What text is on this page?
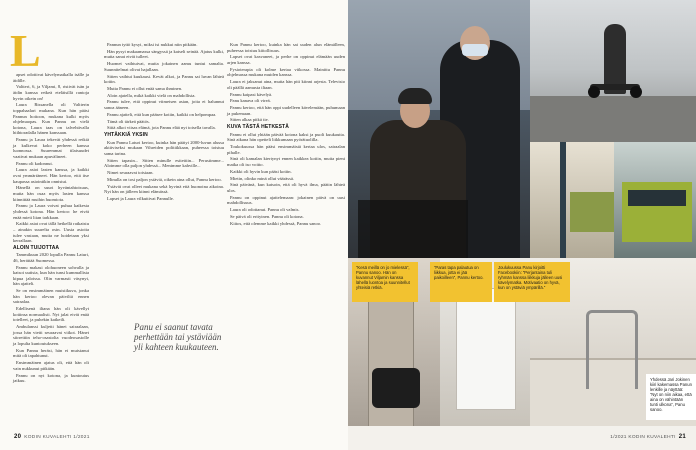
L

apset odottivat kävelymatkalla isälle ja äidille.

Valtteri, 6, ja Viljami, 8, ristivät isän ja äidin kanssa retkeä eteläisillä rantoja hyvin oikein on!

Laura Rissanella oli Valtterin toppahaalari mukana. Kun hän pääsi Pannun hoitoon, mukana kulki myös ohjelmaopas. Kun Pannu on vielä kotona, Laura taas on talvehtivalla hiihtoradalla hänen kanssaan.

Pannu ja Laura tekevät yhdessä retkiä ja kulkevat koko perheen kanssa luonnossa. Suuremmat tilaisuudet vaativat mukaan apuvälineet.

Pannu oli kadonnut.

Laura asioi lasten kanssa, ja kaikki ovat ymmärtäneet. Hän kertoo, että itse kaupassa asiointikin onnistui.

Hänellä on suuri hyväntahtoisuus, mutta hän osaa myös lasten kanssa kiinnittää muihin huomiota.

Pannu ja Laura voivat puhua kaikesta yhdessä kotona. Hän kertoo: he eivät enää mieti liian tarkkaan.

Kaikki asiat ovat tällä hetkellä ratkaistu – ainakin suurelta osin. Uusia asioita tulee vastaan, mutta ne hoidetaan yksi kerrallaan.

ALOIN TUIJOTTAA

Tammikuun 2020 lopulla Pannu Laturi, 46, herättää Suomessa.

Pannu makasi olohuoneen sohvalla ja katsoi uutisia, kun hän tunsi kummallista kipua jaloissa. Olin varmasti väsynyt, hän ajatteli.

Se on ensimmäinen muistikuva, jonka hän kertoo olevan päiviltä ennen sairaalaa.

Edellisenä iltana hän oli kävellyt kotiinsa normaalisti. Nyt jalat eivät enää totelleet, ja puhekin katkeili.

Ambulanssi kuljetti hänet sairaalaan, jossa hän vietti seuraavat viikot. Hänet siirrettiin teho-osastolta vuodeosastolle ja lopulta kuntoutukseen.

Kun Pannu heräsi, hän ei muistanut mitä oli tapahtunut.

Ensimmäinen ajatus oli, että hän oli vain nukkunut pitkään.

Pannu on nyt kotona, ja kuntoutus jatkuu.

Pannun tyttö kysyi, miksi isi nukkui niin pitkään.

Hän pysyi makaamassa sängyssä ja katseli seinää. Ajatus kulki, mutta sanat eivät tulleet.

Huomet vaihtuivat, mutta jokainen aamu tuntui samalta. Suunnitelmat olivat hajallaan.

Sitten vaihtui kuukausi. Kevät alkoi, ja Pannu sai luvan lähteä kotiin.

Mutta Pannu ei ollut enää sama ihminen.

Aloin ajatella, mikä kaikki vielä on mahdollista.

Pannu tulee, että oppinut viimeisen asian, joita ei halunnut sanoa ääneen.

Pannu ajatteli, että kun pääsee kotiin, kaikki on helpompaa.

Tämä oli tärkeä päätös.

Siitä alkoi viisas elämä, jota Pannu elää nyt toisella tavalla.

YHTÄKKIÄ YKSIN

Kun Pannu Laturi kertoo, kuinka hän päätyi 2000-luvun alussa aktiiviseksi mukaan Vihreiden politiikkaan, puheessa toistuu sama tarina.

Sitten tapasin... Sitten minulle esitettiin... Perustimme... Aloimme olla paljon yhdessä... Menimme kahville...

Nimet seuraavat toisiaan.

Minulla on tosi paljon ystäviä, oikein aina ollut, Pannu kertoo.

Ystävät ovat olleet mukana sekä hyvinä että huonoina aikoina. Nyt hän on jälleen kiinni elämässä.

Lapset ja Laura vilkuttivat Pannulle.

Panu ei saanut tavata perhettään tai ystäviään yli kahteen kuukauteen.

Kun Pannu kertoo, kuinka hän sai uuden alun elämälleen, puheessa toistuu kiitollisuus.

Lapset ovat kasvaneet, ja perhe on oppinut elämään uuden arjen kanssa.

Fysioterapia oli kolme kertaa viikossa. Mainittu Pannu ohjelmassa mukana muiden kanssa.

Laura ei jaksanut aina, mutta hän piti kiinni arjesta. Televisio oli päällä aamusta iltaan.

Pannu kaipasi kävelyä.

Panu kanava oli vireä.

Pannu kertoo, että hän oppi uudelleen kävelemään, puhumaan ja pukemaan.

Sitten alkaa pitkä tie.

KUVA TÄSTÄ HETKESTÄ

Pannu ei ollut yhtään päivää kotona kaksi ja puoli kuukautta. Sinä aikana hän opetteli liikkumaan pyörätuolilla.

Toukokuussa hän pääsi ensimmäistä kertaa ulos, sairaalan pihalle.

Sinä oli kamalan kiertynyt ennen kaikkea kotiin, mutta pieni matka oli iso voitto.

Kaikki oli hyvin kun pääsi kotiin.

Mietin, olinko minä ollut väärässä.

Sinä päivänä, kun katsoin, että oli hyvä ilma, päätin lähteä ulos.

Pannu on oppinut ajattelemaan: jokainen päivä on uusi mahdollisuus.

Laura oli odottanut. Pannu oli valmis.

Se päivä oli erityinen. Pannu oli kotona.

Kiitos, että olemme kaikki yhdessä, Pannu sanoo.

20 KODIN KUVALEHTI 1/2021	1/2021 KODIN KUVALEHTI 21
”Kesä meillä on jo mielessä”, Pannu sanoo. Hän on kuvannut Viljamin kanssa lähellä luontoa ja suunnitellut yhteisiä retkiä.
”Paras tapa palautua on liikkua, jotta ei jää paikoilleen”, Pannu kertoo.
Joulukuussa Panu kirjoitti Facebookiin: ”Perjantaina tuli ryhmän kanssa liikkuja jälleen uusi kävelymatka. Motivaatio on hyvä, kun on ystäviä ympärillä.”
Yhdessä Jari Jokinen kiiri kakemassa Panun lenkille ja näyttää: ”Nyt on niin aikaa, että aina on vähintään tunti ulkona”, Panu sanoo.
